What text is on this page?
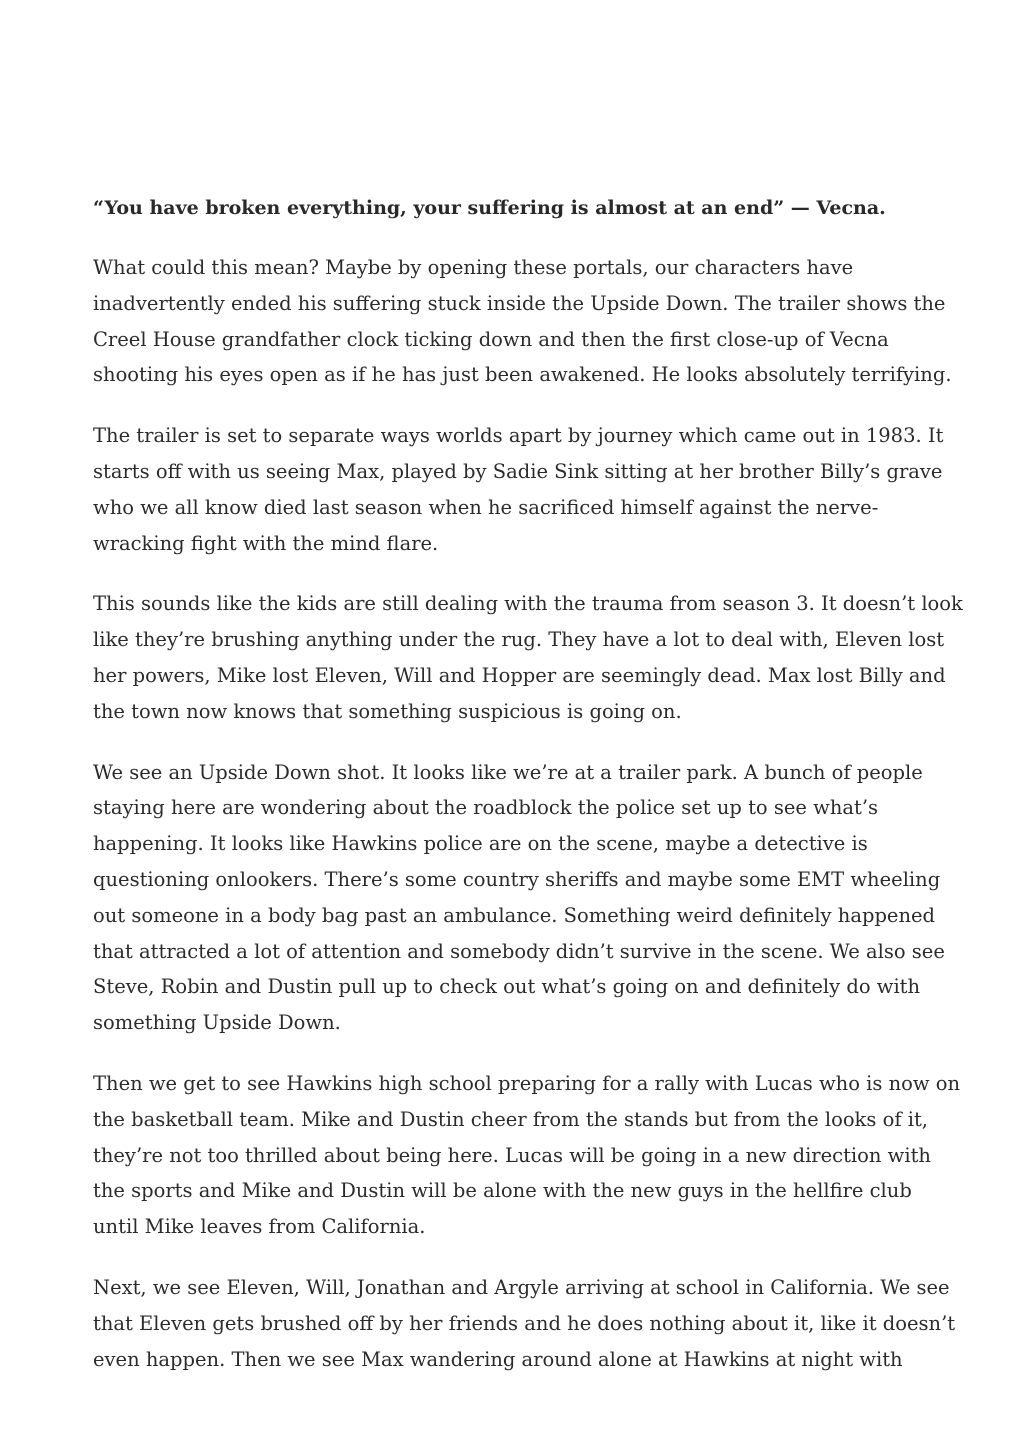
“You have broken everything, your suffering is almost at an end” — Vecna.

What could this mean? Maybe by opening these portals, our characters have inadvertently ended his suffering stuck inside the Upside Down. The trailer shows the Creel House grandfather clock ticking down and then the first close-up of Vecna shooting his eyes open as if he has just been awakened. He looks absolutely terrifying.

The trailer is set to separate ways worlds apart by journey which came out in 1983. It starts off with us seeing Max, played by Sadie Sink sitting at her brother Billy’s grave who we all know died last season when he sacrificed himself against the nerve-wracking fight with the mind flare.

This sounds like the kids are still dealing with the trauma from season 3. It doesn’t look like they’re brushing anything under the rug. They have a lot to deal with, Eleven lost her powers, Mike lost Eleven, Will and Hopper are seemingly dead. Max lost Billy and the town now knows that something suspicious is going on.

We see an Upside Down shot. It looks like we’re at a trailer park. A bunch of people staying here are wondering about the roadblock the police set up to see what’s happening. It looks like Hawkins police are on the scene, maybe a detective is questioning onlookers. There’s some country sheriffs and maybe some EMT wheeling out someone in a body bag past an ambulance. Something weird definitely happened that attracted a lot of attention and somebody didn’t survive in the scene. We also see Steve, Robin and Dustin pull up to check out what’s going on and definitely do with something Upside Down.

Then we get to see Hawkins high school preparing for a rally with Lucas who is now on the basketball team. Mike and Dustin cheer from the stands but from the looks of it, they’re not too thrilled about being here. Lucas will be going in a new direction with the sports and Mike and Dustin will be alone with the new guys in the hellfire club until Mike leaves from California.

Next, we see Eleven, Will, Jonathan and Argyle arriving at school in California. We see that Eleven gets brushed off by her friends and he does nothing about it, like it doesn’t even happen. Then we see Max wandering around alone at Hawkins at night with
